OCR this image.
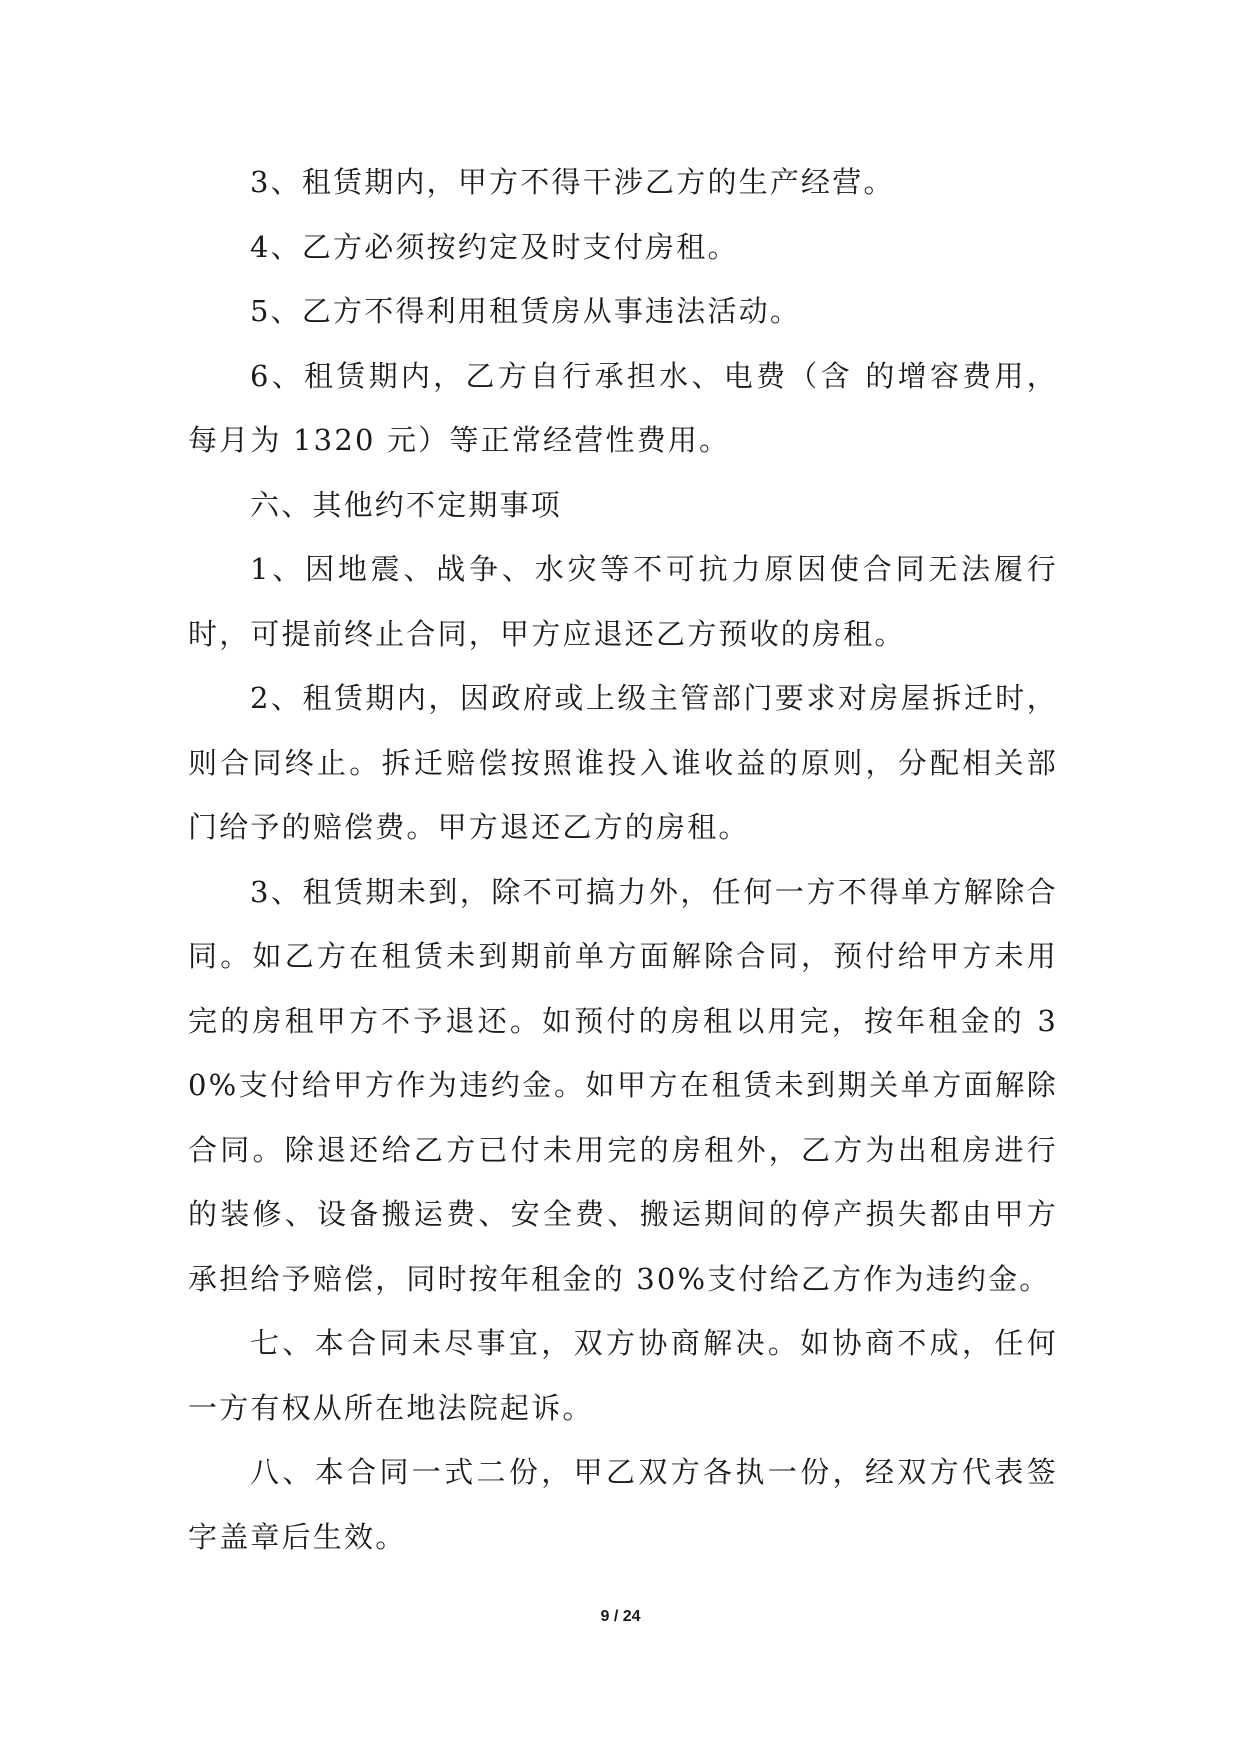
3、租赁期内，甲方不得干涉乙方的生产经营。

4、乙方必须按约定及时支付房租。

5、乙方不得利用租赁房从事违法活动。

6、租赁期内，乙方自行承担水、电费（含 的增容费用，每月为 1320 元）等正常经营性费用。

六、其他约不定期事项

1、因地震、战争、水灾等不可抗力原因使合同无法履行时，可提前终止合同，甲方应退还乙方预收的房租。

2、租赁期内，因政府或上级主管部门要求对房屋拆迁时，则合同终止。拆迁赔偿按照谁投入谁收益的原则，分配相关部门给予的赔偿费。甲方退还乙方的房租。

3、租赁期未到，除不可搞力外，任何一方不得单方解除合同。如乙方在租赁未到期前单方面解除合同，预付给甲方未用完的房租甲方不予退还。如预付的房租以用完，按年租金的 30%支付给甲方作为违约金。如甲方在租赁未到期关单方面解除合同。除退还给乙方已付未用完的房租外，乙方为出租房进行的装修、设备搬运费、安全费、搬运期间的停产损失都由甲方承担给予赔偿，同时按年租金的 30%支付给乙方作为违约金。

七、本合同未尽事宜，双方协商解决。如协商不成，任何一方有权从所在地法院起诉。

八、本合同一式二份，甲乙双方各执一份，经双方代表签字盖章后生效。

9 / 24
